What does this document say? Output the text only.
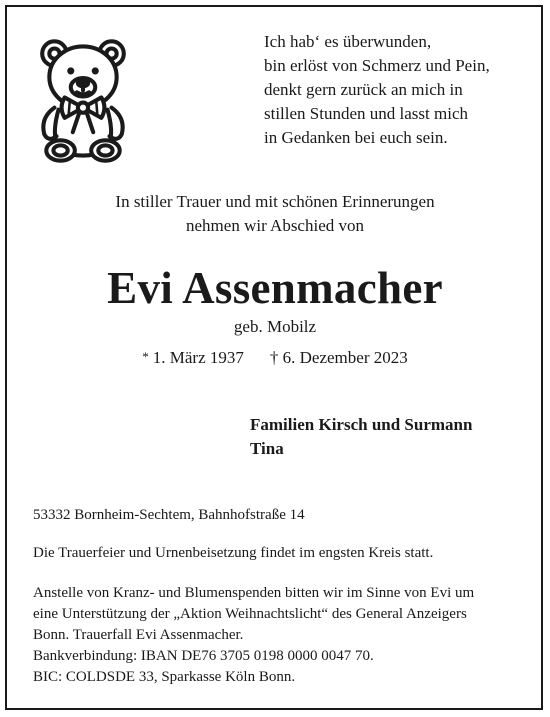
Ich hab‘ es überwunden,
bin erlöst von Schmerz und Pein,
denkt gern zurück an mich in
stillen Stunden und lasst mich
in Gedanken bei euch sein.
In stiller Trauer und mit schönen Erinnerungen
nehmen wir Abschied von
Evi Assenmacher
geb. Mobilz
* 1. März 1937 † 6. Dezember 2023
Familien Kirsch und Surmann
Tina
53332 Bornheim-Sechtem, Bahnhofstraße 14
Die Trauerfeier und Urnenbeisetzung findet im engsten Kreis statt.
Anstelle von Kranz- und Blumenspenden bitten wir im Sinne von Evi um
eine Unterstützung der „Aktion Weihnachtslicht“ des General Anzeigers
Bonn. Trauerfall Evi Assenmacher.
Bankverbindung: IBAN DE76 3705 0198 0000 0047 70.
BIC: COLDSDE 33, Sparkasse Köln Bonn.
